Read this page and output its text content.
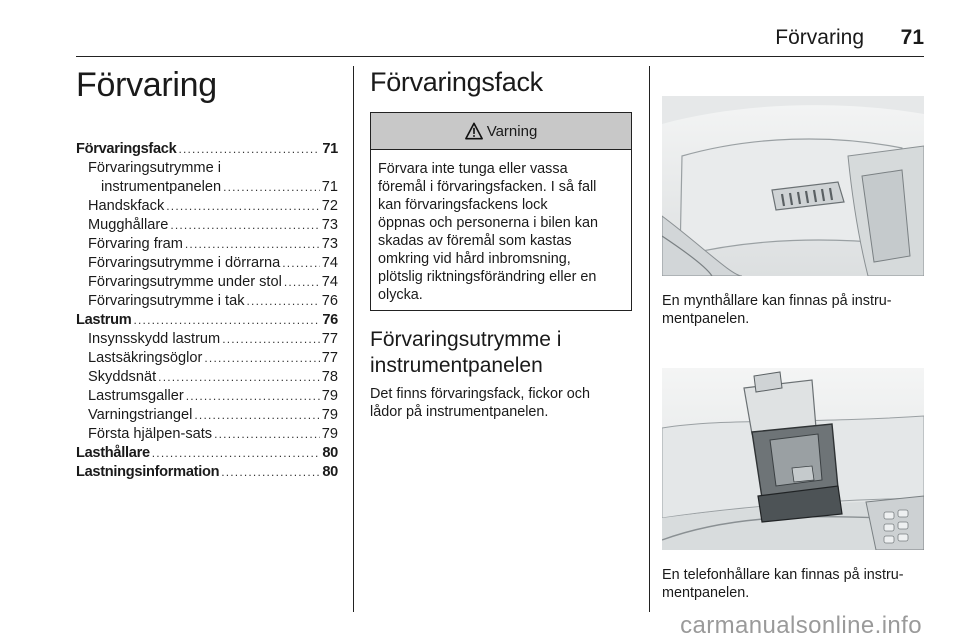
Förvaring 71
Förvaring
Förvaringsfack .....	71
Förvaringsutrymme i
instrumentpanelen .....	71
Handskfack .....	72
Mugghållare .....	73
Förvaring fram .....	73
Förvaringsutrymme i dörrarna .....	74
Förvaringsutrymme under stol .....	74
Förvaringsutrymme i tak .....	76
Lastrum .....	76
Insynsskydd lastrum .....	77
Lastsäkringsöglor .....	77
Skyddsnät .....	78
Lastrumsgaller .....	79
Varningstriangel .....	79
Första hjälpen-sats .....	79
Lasthållare .....	80
Lastningsinformation .....	80
Förvaringsfack
Varning
Förvara inte tunga eller vassa
föremål i förvaringsfacken. I så fall
kan förvaringsfackens lock
öppnas och personerna i bilen kan
skadas av föremål som kastas
omkring vid hård inbromsning,
plötslig riktningsförändring eller en
olycka.
Förvaringsutrymme i
instrumentpanelen

Det finns förvaringsfack, fickor och
lådor på instrumentpanelen.

En mynthållare kan finnas på instru-
mentpanelen.

En telefonhållare kan finnas på instru-
mentpanelen.

carmanualsonline.info
